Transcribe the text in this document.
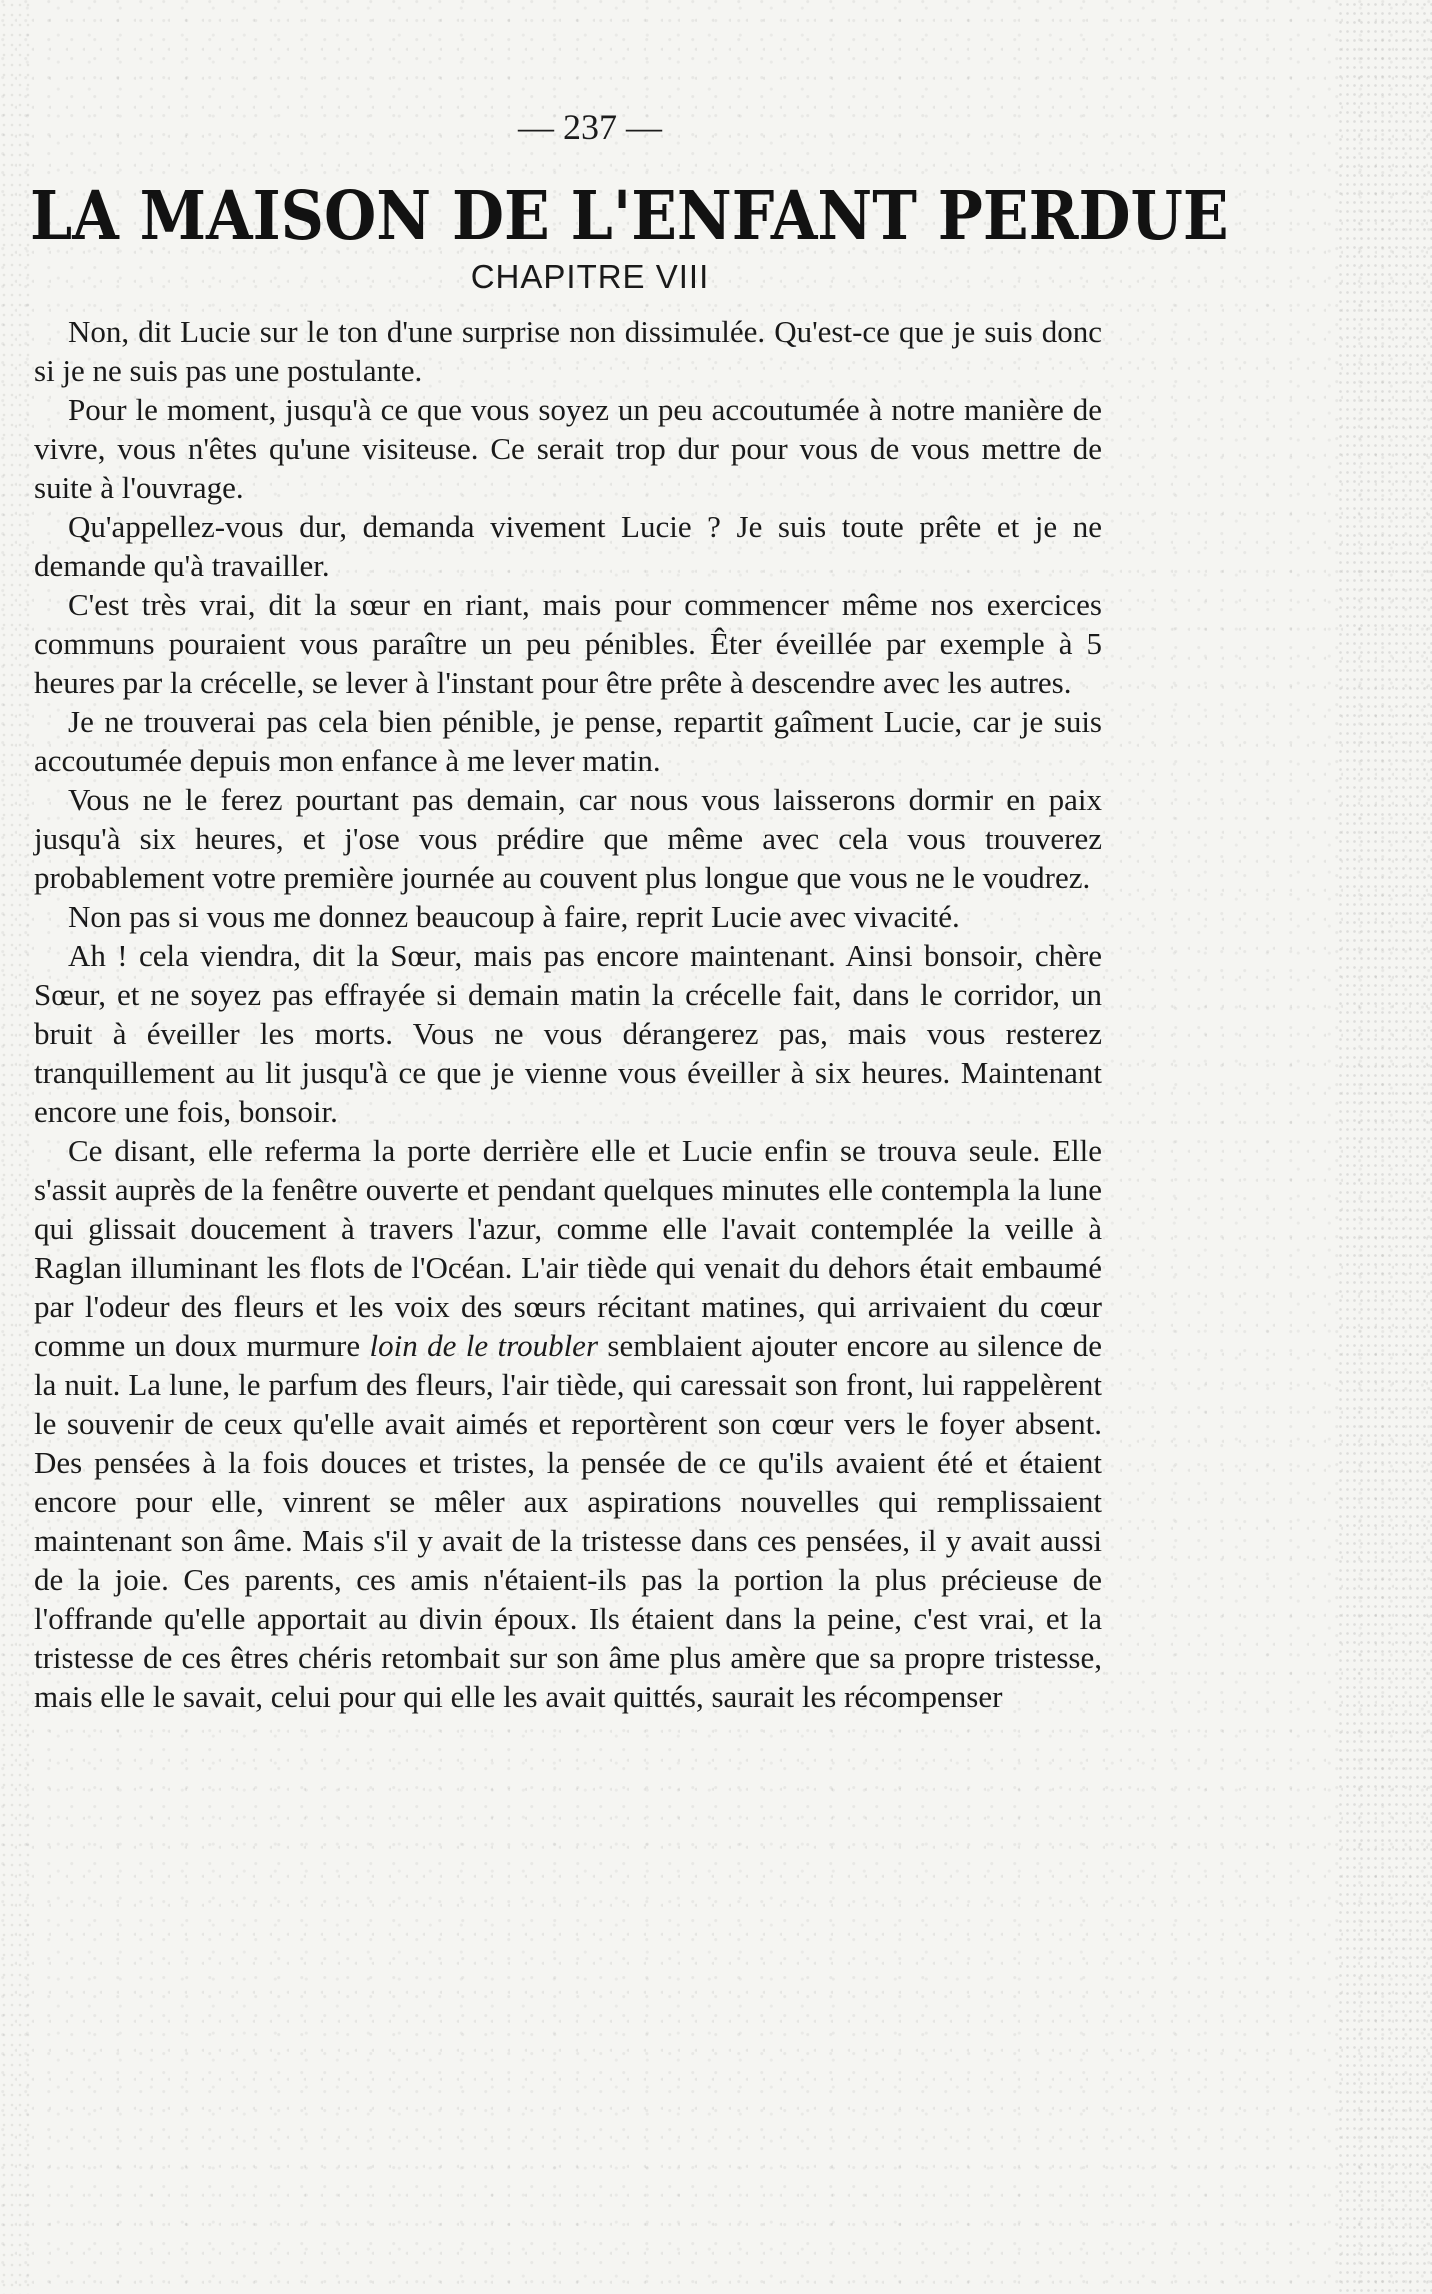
— 237 —
LA MAISON DE L'ENFANT PERDUE
CHAPITRE VIII

Non, dit Lucie sur le ton d'une surprise non dissimulée. Qu'est-ce que je suis donc si je ne suis pas une postulante.

Pour le moment, jusqu'à ce que vous soyez un peu accoutumée à notre manière de vivre, vous n'êtes qu'une visiteuse. Ce serait trop dur pour vous de vous mettre de suite à l'ouvrage.

Qu'appellez-vous dur, demanda vivement Lucie ? Je suis toute prête et je ne demande qu'à travailler.

C'est très vrai, dit la sœur en riant, mais pour commencer même nos exercices communs pouraient vous paraître un peu pénibles. Êter éveillée par exemple à 5 heures par la crécelle, se lever à l'instant pour être prête à descendre avec les autres.

Je ne trouverai pas cela bien pénible, je pense, repartit gaîment Lucie, car je suis accoutumée depuis mon enfance à me lever matin.

Vous ne le ferez pourtant pas demain, car nous vous laisserons dormir en paix jusqu'à six heures, et j'ose vous prédire que même avec cela vous trouverez probablement votre première journée au couvent plus longue que vous ne le voudrez.

Non pas si vous me donnez beaucoup à faire, reprit Lucie avec vivacité.

Ah ! cela viendra, dit la Sœur, mais pas encore maintenant. Ainsi bonsoir, chère Sœur, et ne soyez pas effrayée si demain matin la crécelle fait, dans le corridor, un bruit à éveiller les morts. Vous ne vous dérangerez pas, mais vous resterez tranquillement au lit jusqu'à ce que je vienne vous éveiller à six heures. Maintenant encore une fois, bonsoir.

Ce disant, elle referma la porte derrière elle et Lucie enfin se trouva seule. Elle s'assit auprès de la fenêtre ouverte et pendant quelques minutes elle contempla la lune qui glissait doucement à travers l'azur, comme elle l'avait contemplée la veille à Raglan illuminant les flots de l'Océan. L'air tiède qui venait du dehors était embaumé par l'odeur des fleurs et les voix des sœurs récitant matines, qui arrivaient du cœur comme un doux murmure loin de le troubler semblaient ajouter encore au silence de la nuit. La lune, le parfum des fleurs, l'air tiède, qui caressait son front, lui rappelèrent le souvenir de ceux qu'elle avait aimés et reportèrent son cœur vers le foyer absent. Des pensées à la fois douces et tristes, la pensée de ce qu'ils avaient été et étaient encore pour elle, vinrent se mêler aux aspirations nouvelles qui remplissaient maintenant son âme. Mais s'il y avait de la tristesse dans ces pensées, il y avait aussi de la joie. Ces parents, ces amis n'étaient-ils pas la portion la plus précieuse de l'offrande qu'elle apportait au divin époux. Ils étaient dans la peine, c'est vrai, et la tristesse de ces êtres chéris retombait sur son âme plus amère que sa propre tristesse, mais elle le savait, celui pour qui elle les avait quittés, saurait les récompenser
